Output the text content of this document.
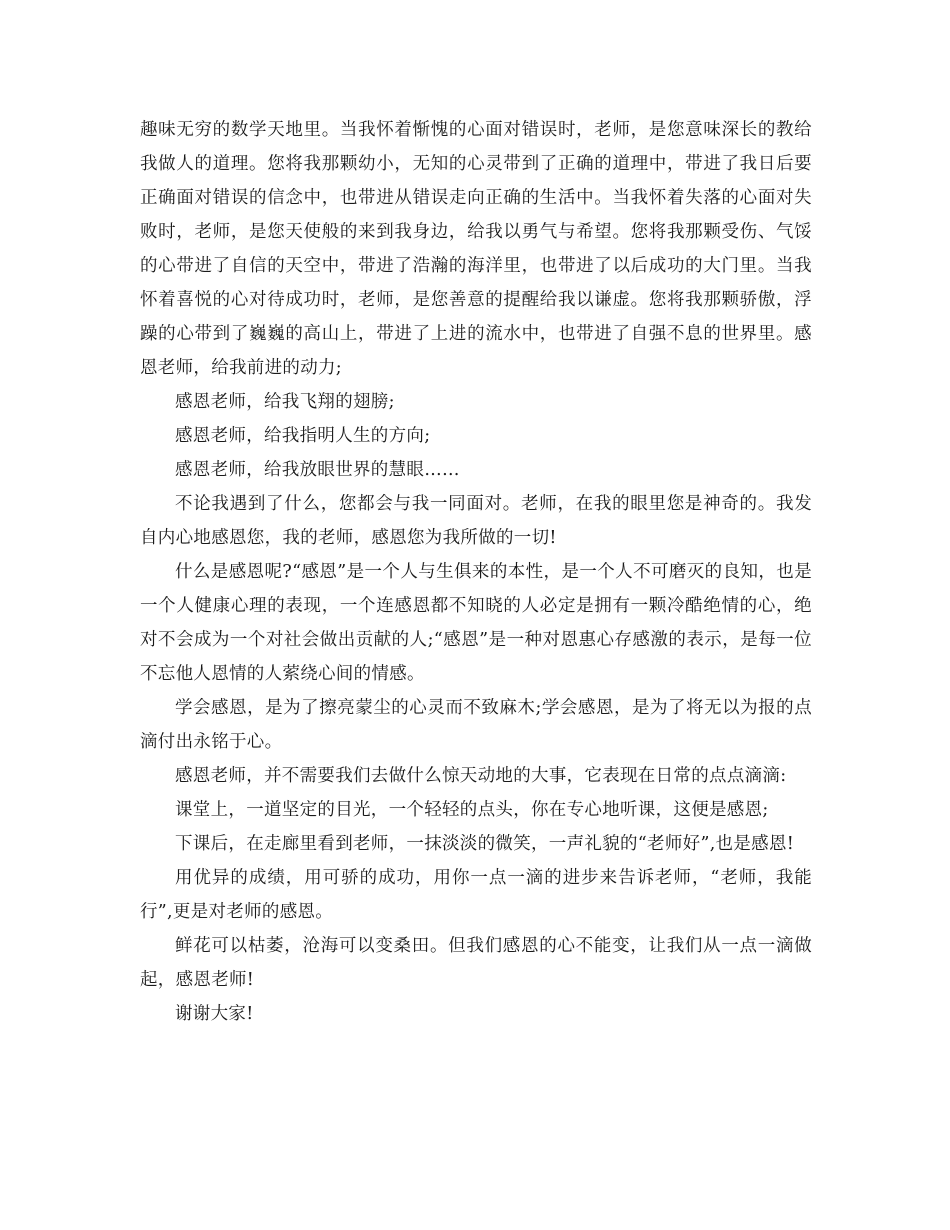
趣味无穷的数学天地里。当我怀着惭愧的心面对错误时，老师，是您意味深长的教给我做人的道理。您将我那颗幼小，无知的心灵带到了正确的道理中，带进了我日后要正确面对错误的信念中，也带进从错误走向正确的生活中。当我怀着失落的心面对失败时，老师，是您天使般的来到我身边，给我以勇气与希望。您将我那颗受伤、气馁的心带进了自信的天空中，带进了浩瀚的海洋里，也带进了以后成功的大门里。当我怀着喜悦的心对待成功时，老师，是您善意的提醒给我以谦虚。您将我那颗骄傲，浮躁的心带到了巍巍的高山上，带进了上进的流水中，也带进了自强不息的世界里。感恩老师，给我前进的动力;

感恩老师，给我飞翔的翅膀;

感恩老师，给我指明人生的方向;

感恩老师，给我放眼世界的慧眼……

不论我遇到了什么，您都会与我一同面对。老师，在我的眼里您是神奇的。我发自内心地感恩您，我的老师，感恩您为我所做的一切!

什么是感恩呢?“感恩”是一个人与生俱来的本性，是一个人不可磨灭的良知，也是一个人健康心理的表现，一个连感恩都不知晓的人必定是拥有一颗冷酷绝情的心，绝对不会成为一个对社会做出贡献的人;“感恩”是一种对恩惠心存感激的表示，是每一位不忘他人恩情的人萦绕心间的情感。

学会感恩，是为了擦亮蒙尘的心灵而不致麻木;学会感恩，是为了将无以为报的点滴付出永铭于心。

感恩老师，并不需要我们去做什么惊天动地的大事，它表现在日常的点点滴滴:

课堂上，一道坚定的目光，一个轻轻的点头，你在专心地听课，这便是感恩;

下课后，在走廊里看到老师，一抹淡淡的微笑，一声礼貌的“老师好”,也是感恩!

用优异的成绩，用可骄的成功，用你一点一滴的进步来告诉老师，“老师，我能行”,更是对老师的感恩。

鲜花可以枯萎，沧海可以变桑田。但我们感恩的心不能变，让我们从一点一滴做起，感恩老师!

谢谢大家!
